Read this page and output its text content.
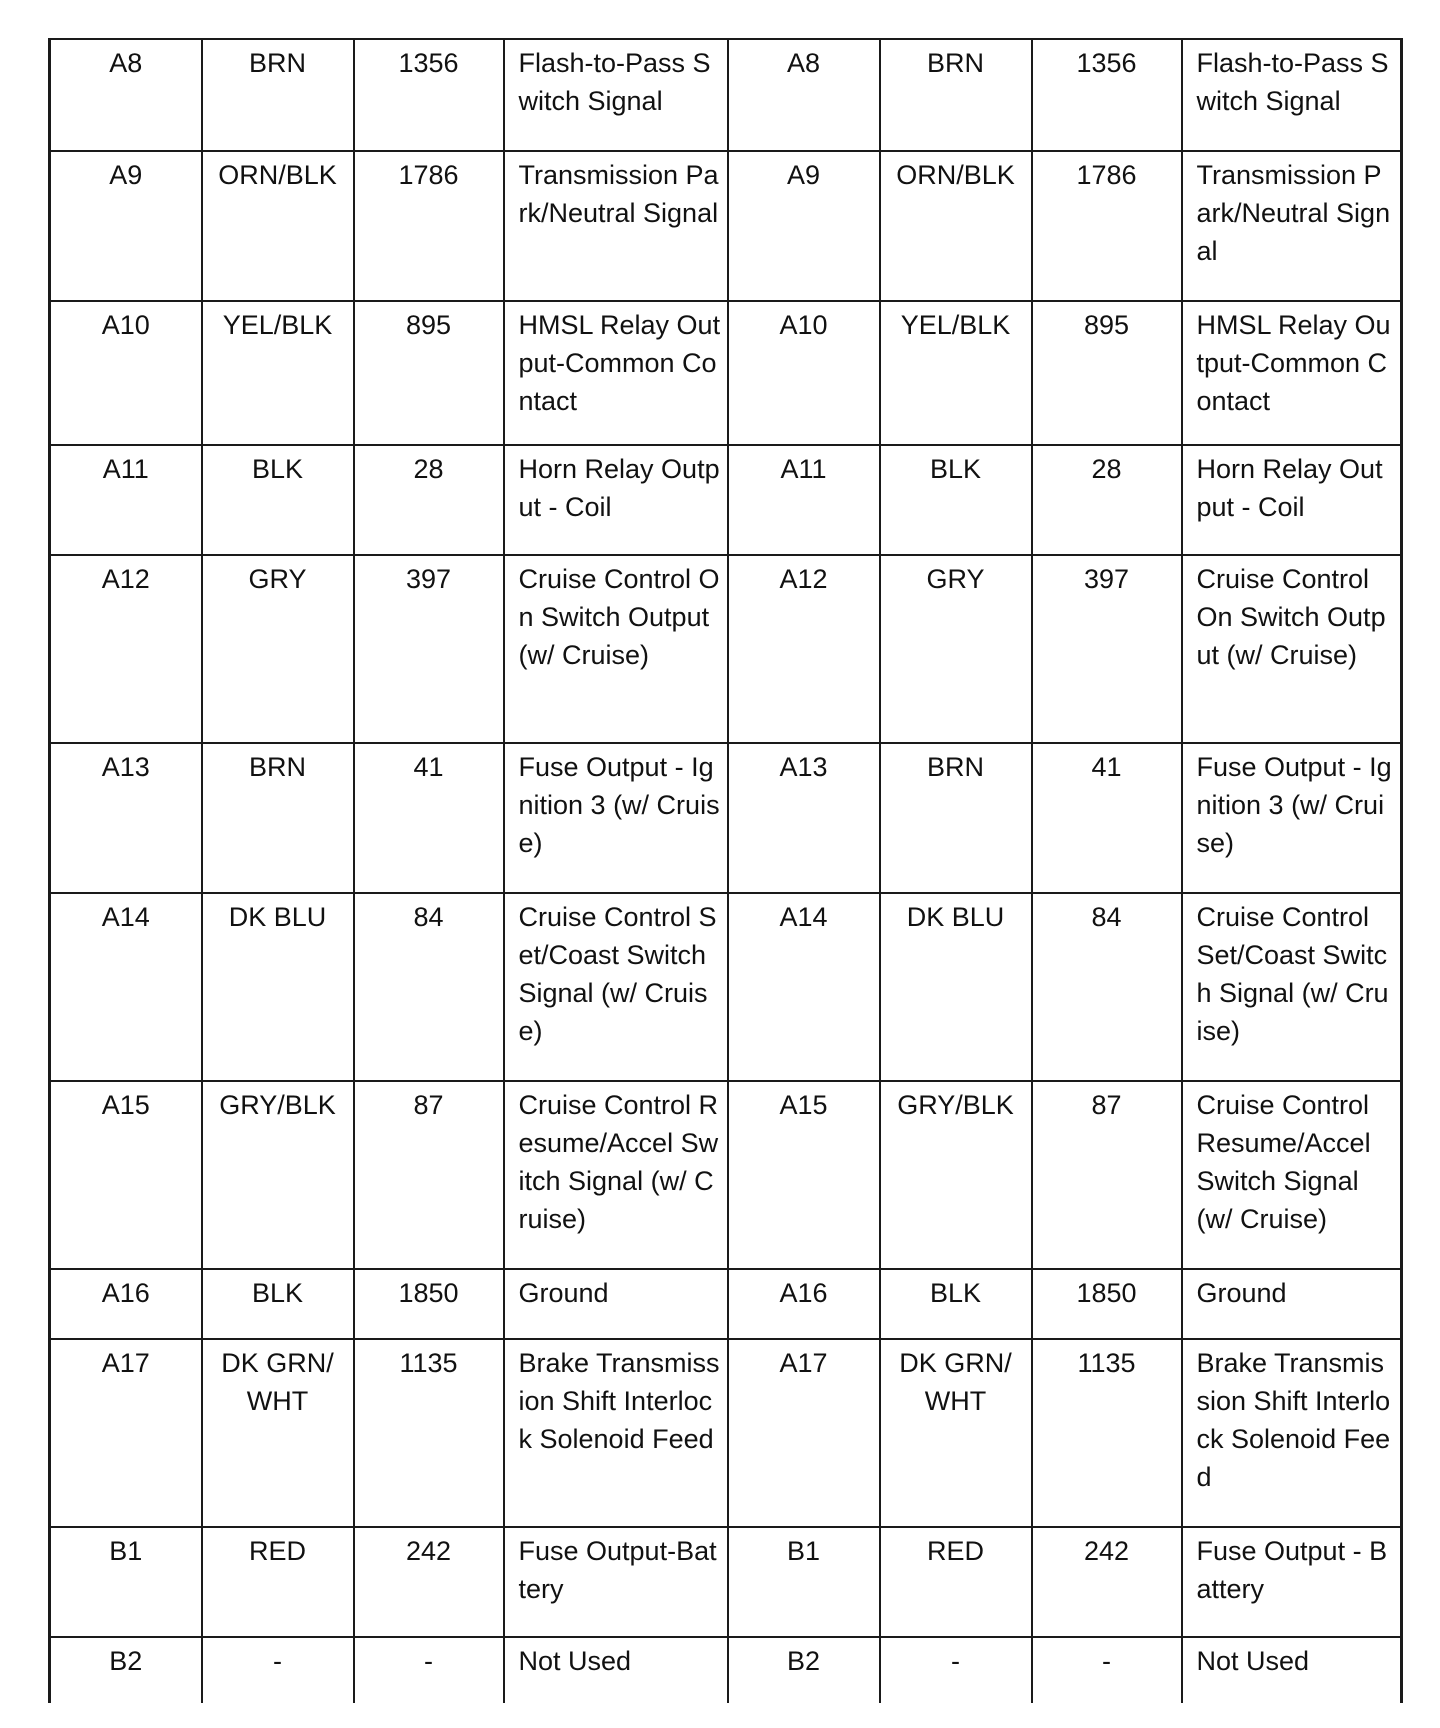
A8	BRN	1356	Flash-to-Pass Switch Signal	A8	BRN	1356	Flash-to-Pass Switch Signal
A9	ORN/BLK	1786	Transmission Park/Neutral Signal	A9	ORN/BLK	1786	Transmission Park/Neutral Signal
A10	YEL/BLK	895	HMSL Relay Output-Common Contact	A10	YEL/BLK	895	HMSL Relay Output-Common Contact
A11	BLK	28	Horn Relay Output - Coil	A11	BLK	28	Horn Relay Output - Coil
A12	GRY	397	Cruise Control On Switch Output (w/ Cruise)	A12	GRY	397	Cruise Control On Switch Output (w/ Cruise)
A13	BRN	41	Fuse Output - Ignition 3 (w/ Cruise)	A13	BRN	41	Fuse Output - Ignition 3 (w/ Cruise)
A14	DK BLU	84	Cruise Control Set/Coast Switch Signal (w/ Cruise)	A14	DK BLU	84	Cruise Control Set/Coast Switch Signal (w/ Cruise)
A15	GRY/BLK	87	Cruise Control Resume/Accel Switch Signal (w/ Cruise)	A15	GRY/BLK	87	Cruise Control Resume/Accel Switch Signal (w/ Cruise)
A16	BLK	1850	Ground	A16	BLK	1850	Ground
A17	DK GRN/WHT	1135	Brake Transmission Shift Interlock Solenoid Feed	A17	DK GRN/WHT	1135	Brake Transmission Shift Interlock Solenoid Feed
B1	RED	242	Fuse Output-Battery	B1	RED	242	Fuse Output - Battery
B2	-	-	Not Used	B2	-	-	Not Used
